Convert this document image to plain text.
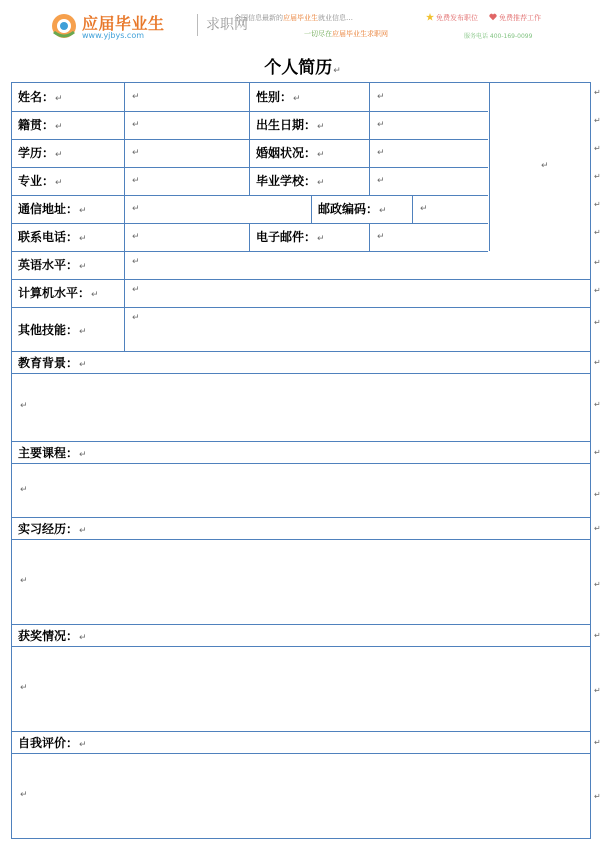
应届毕业生
www.yjbys.com
求职网
全国信息最新的应届毕业生就业信息…
一切尽在应届毕业生求职网
免费发布职位	免费推荐工作
服务电话 400-169-0099
个人简历↵
↵
姓名：↵	↵	性别：↵	↵
籍贯：↵	↵	出生日期：↵	↵
学历：↵	↵	婚姻状况：↵	↵
专业：↵	↵	毕业学校：↵	↵
通信地址：↵	↵	邮政编码：↵	↵
联系电话：↵	↵	电子邮件：↵	↵
英语水平：↵	↵
计算机水平：↵	↵
其他技能：↵
↵
教育背景：↵
↵
主要课程：↵
↵
实习经历：↵
↵
获奖情况：↵
↵
自我评价：↵
↵
↵
↵
↵
↵
↵
↵
↵
↵
↵
↵
↵
↵
↵
↵
↵
↵
↵
↵
↵
